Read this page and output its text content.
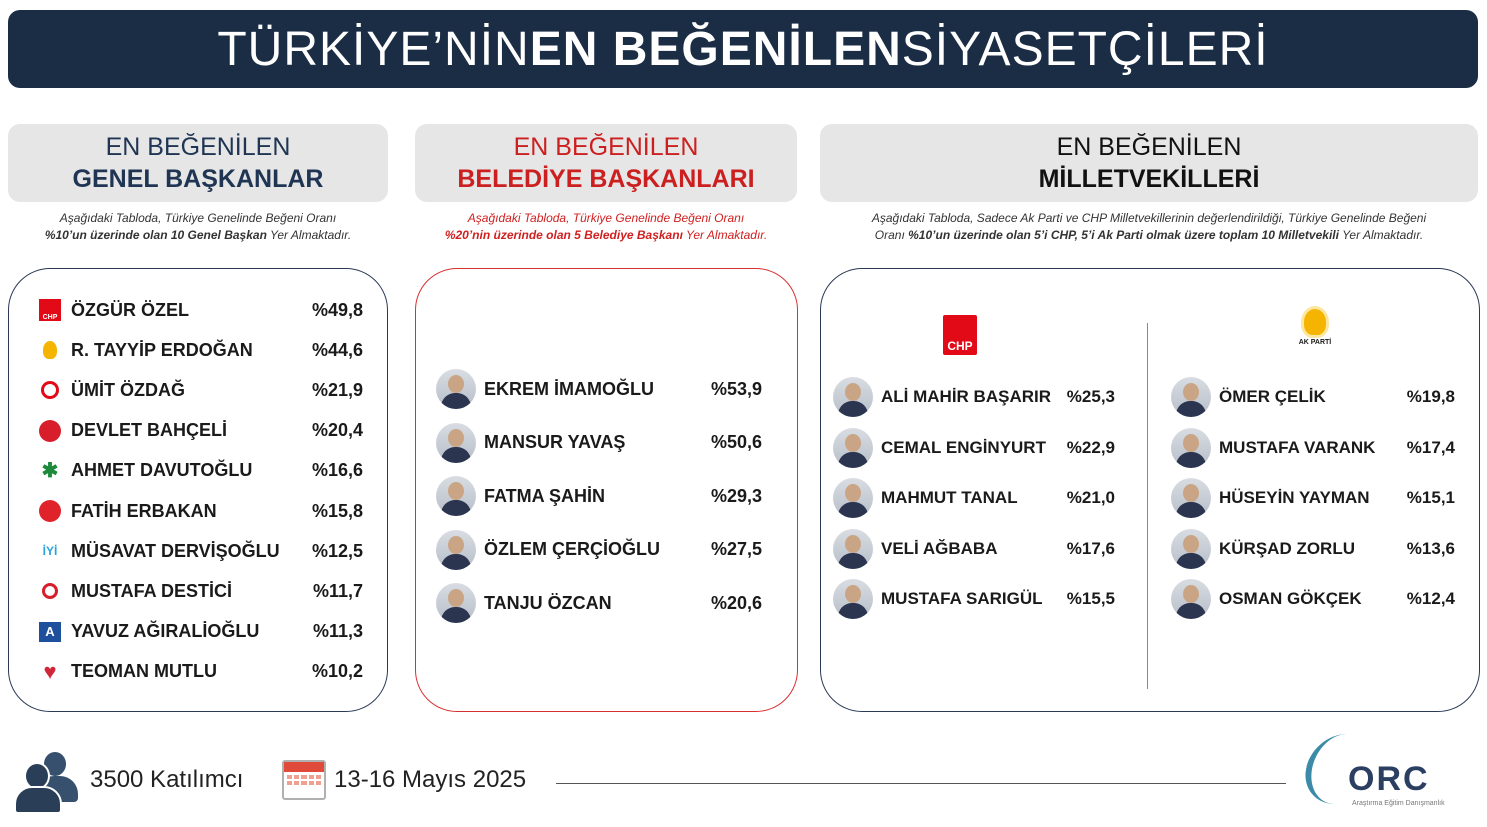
TÜRKİYE’NİN EN BEĞENİLEN SİYASETÇİLERİ
EN BEĞENİLEN
GENEL BAŞKANLAR
EN BEĞENİLEN
BELEDİYE BAŞKANLARI
EN BEĞENİLEN
MİLLETVEKİLLERİ
Aşağıdaki Tabloda, Türkiye Genelinde Beğeni Oranı
%10’un üzerinde olan 10 Genel Başkan Yer Almaktadır.
Aşağıdaki Tabloda, Türkiye Genelinde Beğeni Oranı
%20’nin üzerinde olan 5 Belediye Başkanı Yer Almaktadır.
Aşağıdaki Tabloda, Sadece Ak Parti ve CHP Milletvekillerinin değerlendirildiği, Türkiye Genelinde Beğeni
Oranı %10’un üzerinde olan 5’i CHP, 5’i Ak Parti olmak üzere toplam 10 Milletvekili Yer Almaktadır.
CHP ÖZGÜR ÖZEL	%49,8
R. TAYYİP ERDOĞAN	%44,6
ÜMİT ÖZDAĞ	%21,9
DEVLET BAHÇELİ	%20,4
✱ AHMET DAVUTOĞLU	%16,6
FATİH ERBAKAN	%15,8
İYİ MÜSAVAT DERVİŞOĞLU	%12,5
MUSTAFA DESTİCİ	%11,7
A YAVUZ AĞIRALİOĞLU	%11,3
♥ TEOMAN MUTLU	%10,2
EKREM İMAMOĞLU	%53,9
MANSUR YAVAŞ	%50,6
FATMA ŞAHİN	%29,3
ÖZLEM ÇERÇİOĞLU	%27,5
TANJU ÖZCAN	%20,6
CHP	AK PARTİ
ALİ MAHİR BAŞARIR %25,3
CEMAL ENGİNYURT	%22,9
MAHMUT TANAL	%21,0
VELİ AĞBABA	%17,6
MUSTAFA SARIGÜL	%15,5
ÖMER ÇELİK	%19,8
MUSTAFA VARANK	%17,4
HÜSEYİN YAYMAN	%15,1
KÜRŞAD ZORLU	%13,6
OSMAN GÖKÇEK	%12,4
3500 Katılımcı	13-16 Mayıs 2025	ORC
Araştırma Eğitim Danışmanlık
